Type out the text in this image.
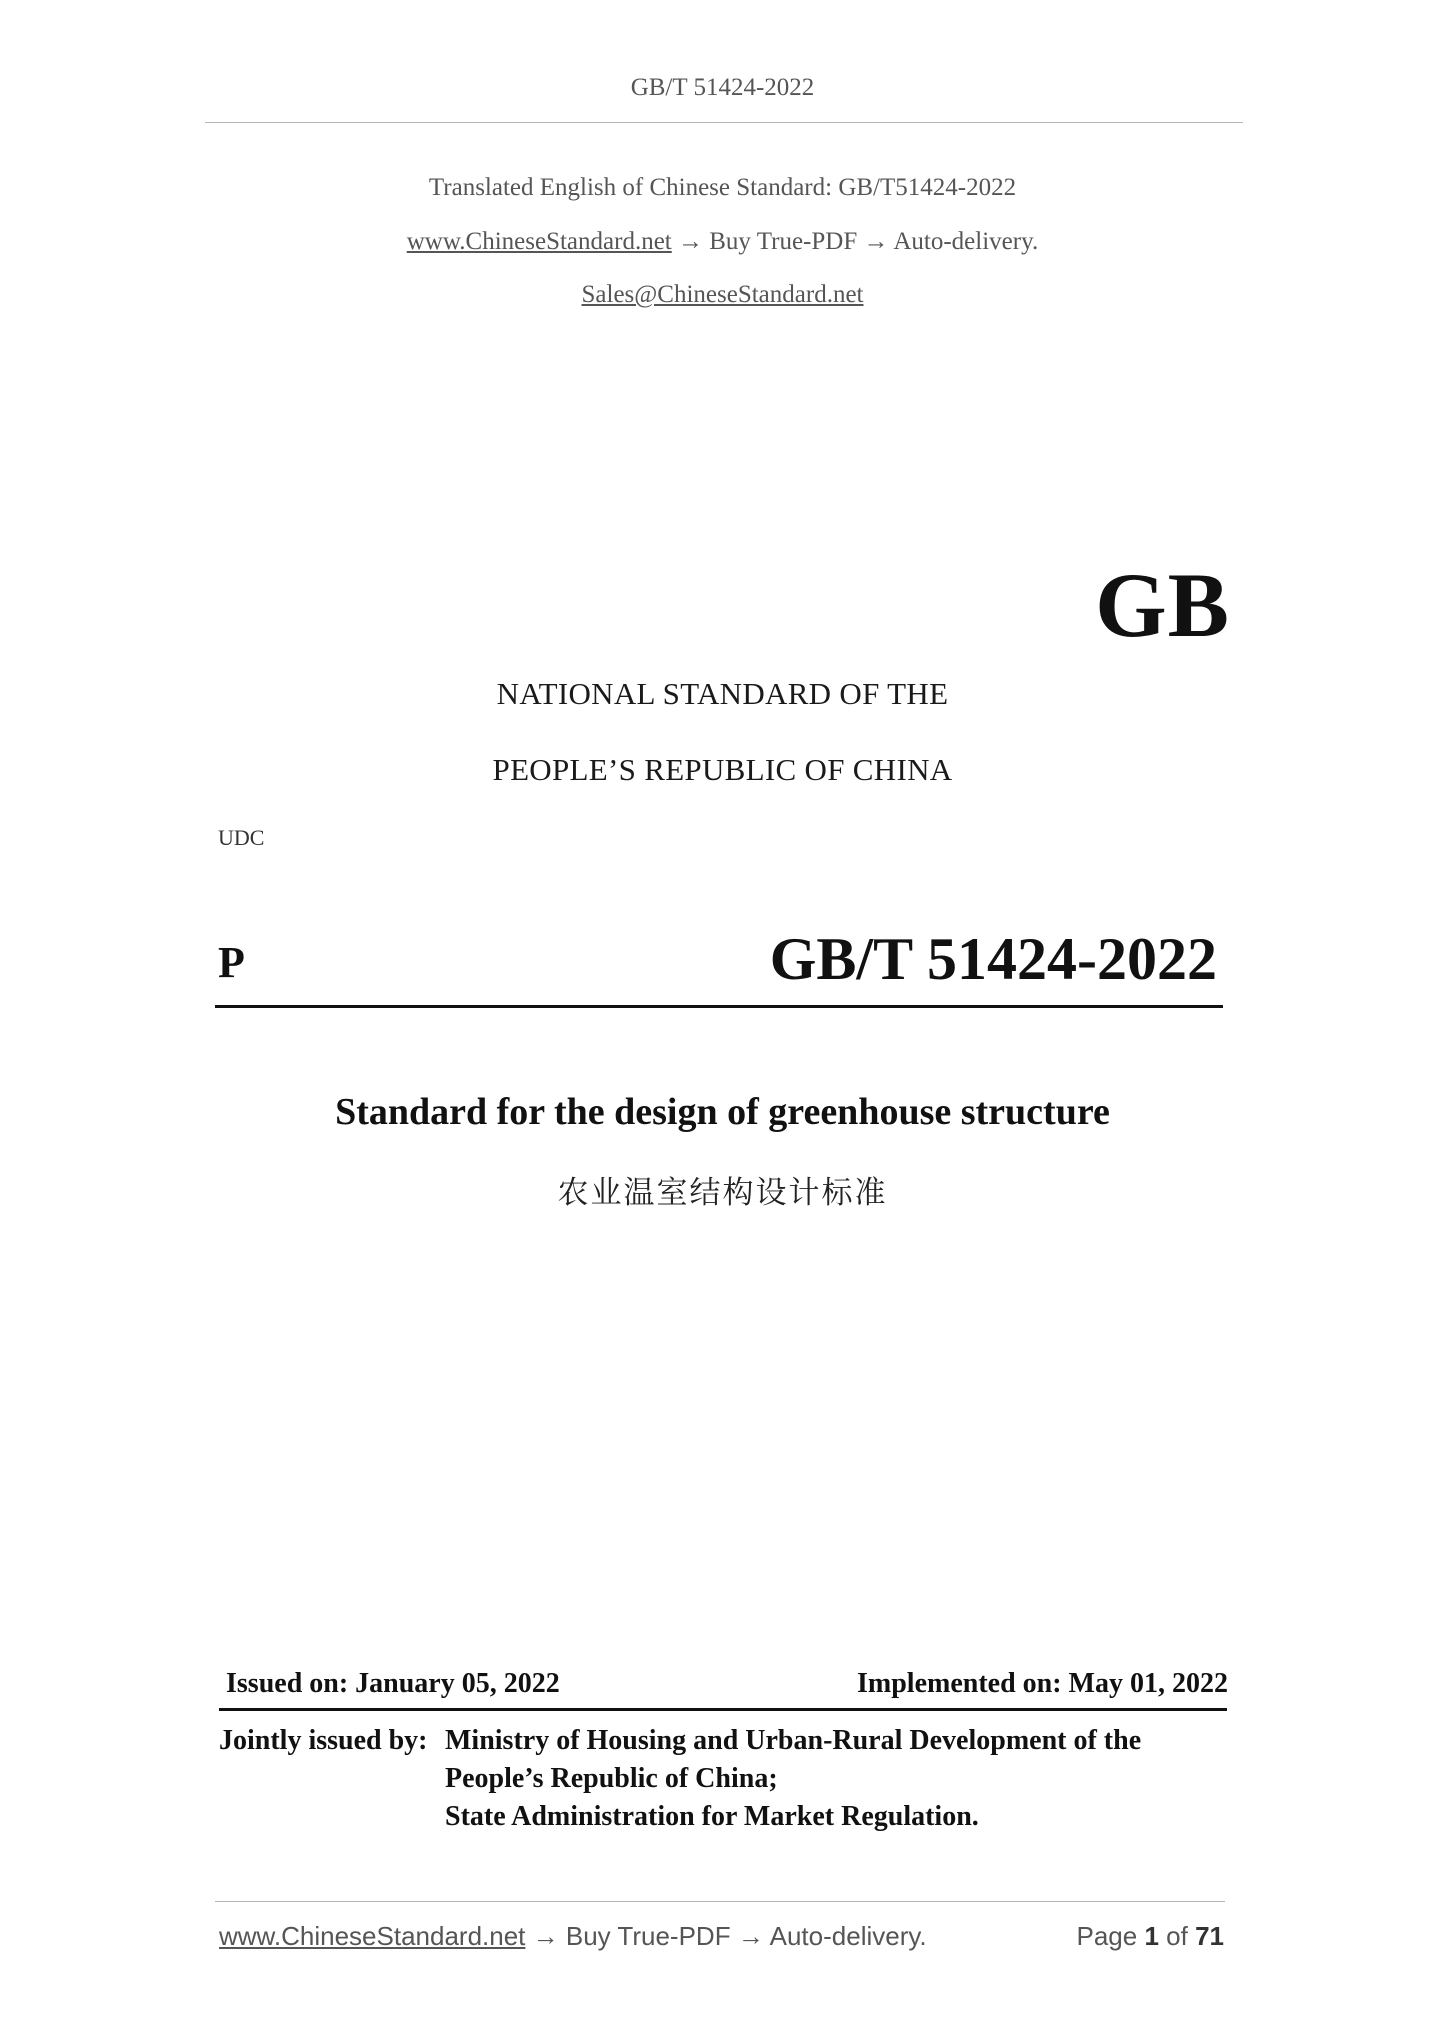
GB/T 51424-2022
Translated English of Chinese Standard: GB/T51424-2022
www.ChineseStandard.net → Buy True-PDF → Auto-delivery.
Sales@ChineseStandard.net
GB
NATIONAL STANDARD OF THE
PEOPLE’S REPUBLIC OF CHINA
UDC
P	GB/T 51424-2022
Standard for the design of greenhouse structure
农业温室结构设计标准
Issued on: January 05, 2022	Implemented on: May 01, 2022
Jointly issued by: Ministry of Housing and Urban-Rural Development of the
People’s Republic of China;
State Administration for Market Regulation.
www.ChineseStandard.net → Buy True-PDF → Auto-delivery.	Page 1 of 71
